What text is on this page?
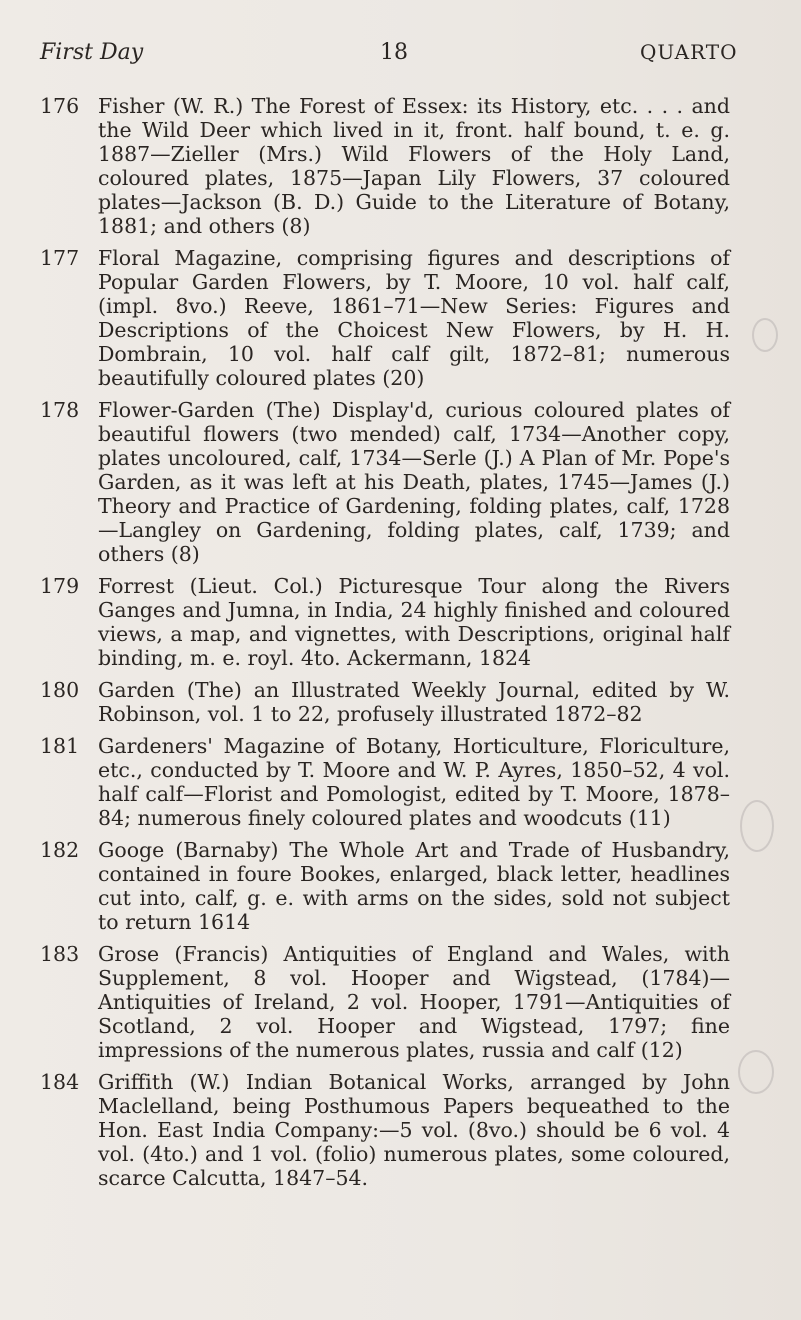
First Day	18	QUARTO
176 Fisher (W. R.) The Forest of Essex: its History, etc. . . . and the Wild Deer which lived in it, front. half bound, t. e. g. 1887—Zieller (Mrs.) Wild Flowers of the Holy Land, coloured plates, 1875—Japan Lily Flowers, 37 coloured plates—Jackson (B. D.) Guide to the Literature of Botany, 1881; and others (8)
177 Floral Magazine, comprising figures and descriptions of Popular Garden Flowers, by T. Moore, 10 vol. half calf, (impl. 8vo.) Reeve, 1861–71—New Series: Figures and Descriptions of the Choicest New Flowers, by H. H. Dombrain, 10 vol. half calf gilt, 1872–81; numerous beautifully coloured plates (20)
178 Flower-Garden (The) Display'd, curious coloured plates of beautiful flowers (two mended) calf, 1734—Another copy, plates uncoloured, calf, 1734—Serle (J.) A Plan of Mr. Pope's Garden, as it was left at his Death, plates, 1745—James (J.) Theory and Practice of Gardening, folding plates, calf, 1728—Langley on Gardening, folding plates, calf, 1739; and others (8)
179 Forrest (Lieut. Col.) Picturesque Tour along the Rivers Ganges and Jumna, in India, 24 highly finished and coloured views, a map, and vignettes, with Descriptions, original half binding, m. e. royl. 4to. Ackermann, 1824
180 Garden (The) an Illustrated Weekly Journal, edited by W. Robinson, vol. 1 to 22, profusely illustrated 1872–82
181 Gardeners' Magazine of Botany, Horticulture, Floriculture, etc., conducted by T. Moore and W. P. Ayres, 1850–52, 4 vol. half calf—Florist and Pomologist, edited by T. Moore, 1878–84; numerous finely coloured plates and woodcuts (11)
182 Googe (Barnaby) The Whole Art and Trade of Husbandry, contained in foure Bookes, enlarged, black letter, headlines cut into, calf, g. e. with arms on the sides, sold not subject to return 1614
183 Grose (Francis) Antiquities of England and Wales, with Supplement, 8 vol. Hooper and Wigstead, (1784)—Antiquities of Ireland, 2 vol. Hooper, 1791—Antiquities of Scotland, 2 vol. Hooper and Wigstead, 1797; fine impressions of the numerous plates, russia and calf (12)
184 Griffith (W.) Indian Botanical Works, arranged by John Maclelland, being Posthumous Papers bequeathed to the Hon. East India Company:—5 vol. (8vo.) should be 6 vol. 4 vol. (4to.) and 1 vol. (folio) numerous plates, some coloured, scarce Calcutta, 1847–54.
